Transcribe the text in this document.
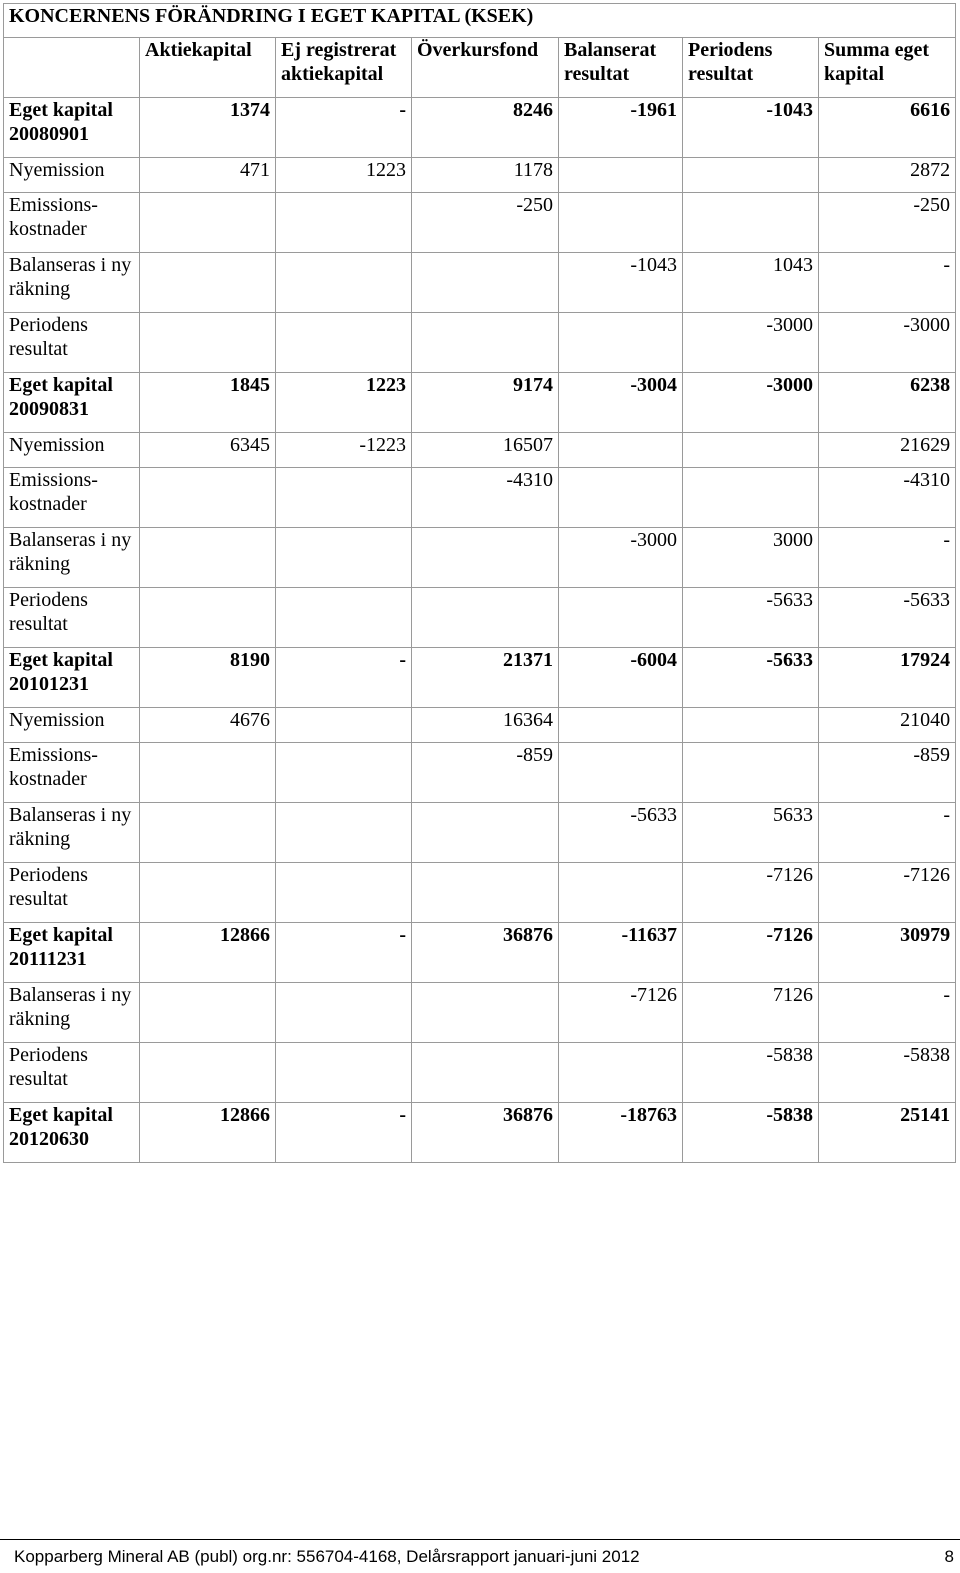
KONCERNENS FÖRÄNDRING I EGET KAPITAL (KSEK)						
	Aktiekapital	Ej registrerat aktiekapital	Överkursfond	Balanserat resultat	Periodens resultat	Summa eget kapital
Eget kapital 20080901	1374	-	8246	-1961	-1043	6616
Nyemission	471	1223	1178			2872
Emissions-kostnader			-250			-250
Balanseras i ny räkning				-1043	1043	-
Periodens resultat					-3000	-3000
Eget kapital 20090831	1845	1223	9174	-3004	-3000	6238
Nyemission	6345	-1223	16507			21629
Emissions-kostnader			-4310			-4310
Balanseras i ny räkning				-3000	3000	-
Periodens resultat					-5633	-5633
Eget kapital 20101231	8190	-	21371	-6004	-5633	17924
Nyemission	4676		16364			21040
Emissions-kostnader			-859			-859
Balanseras i ny räkning				-5633	5633	-
Periodens resultat					-7126	-7126
Eget kapital 20111231	12866	-	36876	-11637	-7126	30979
Balanseras i ny räkning				-7126	7126	-
Periodens resultat					-5838	-5838
Eget kapital 20120630	12866	-	36876	-18763	-5838	25141
Kopparberg Mineral AB (publ) org.nr: 556704-4168, Delårsrapport januari-juni 2012	8
